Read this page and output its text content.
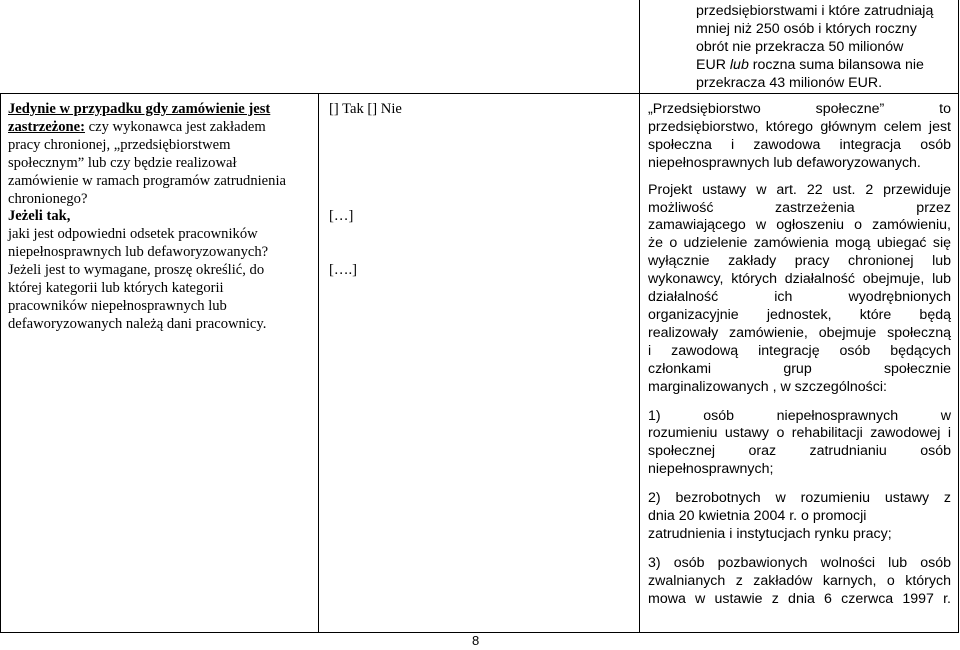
przedsiębiorstwami i które zatrudniają
mniej niż 250 osób i których roczny
obrót nie przekracza 50 milionów
EUR lub roczna suma bilansowa nie
przekracza 43 milionów EUR.
Jedynie w przypadku gdy zamówienie jest
zastrzeżone: czy wykonawca jest zakładem
pracy chronionej, „przedsiębiorstwem
społecznym” lub czy będzie realizował
zamówienie w ramach programów zatrudnienia
chronionego?
Jeżeli tak,
jaki jest odpowiedni odsetek pracowników
niepełnosprawnych lub defaworyzowanych?
Jeżeli jest to wymagane, proszę określić, do
której kategorii lub których kategorii
pracowników niepełnosprawnych lub
defaworyzowanych należą dani pracownicy.
[] Tak [] Nie
[…]
[….]
„Przedsiębiorstwo społeczne” to
przedsiębiorstwo, którego głównym celem jest
społeczna i zawodowa integracja osób
niepełnosprawnych lub defaworyzowanych.
Projekt ustawy w art. 22 ust. 2 przewiduje
możliwość zastrzeżenia przez
zamawiającego w ogłoszeniu o zamówieniu,
że o udzielenie zamówienia mogą ubiegać się
wyłącznie zakłady pracy chronionej lub
wykonawcy, których działalność obejmuje, lub
działalność ich wyodrębnionych
organizacyjnie jednostek, które będą
realizowały zamówienie, obejmuje społeczną
i zawodową integrację osób będących
członkami grup społecznie
marginalizowanych , w szczególności:
1) osób niepełnosprawnych w
rozumieniu ustawy o rehabilitacji zawodowej i
społecznej oraz zatrudnianiu osób
niepełnosprawnych;
2) bezrobotnych w rozumieniu ustawy z
dnia 20 kwietnia 2004 r. o promocji
zatrudnienia i instytucjach rynku pracy;
3) osób pozbawionych wolności lub osób
zwalnianych z zakładów karnych, o których
mowa w ustawie z dnia 6 czerwca 1997 r.
8
